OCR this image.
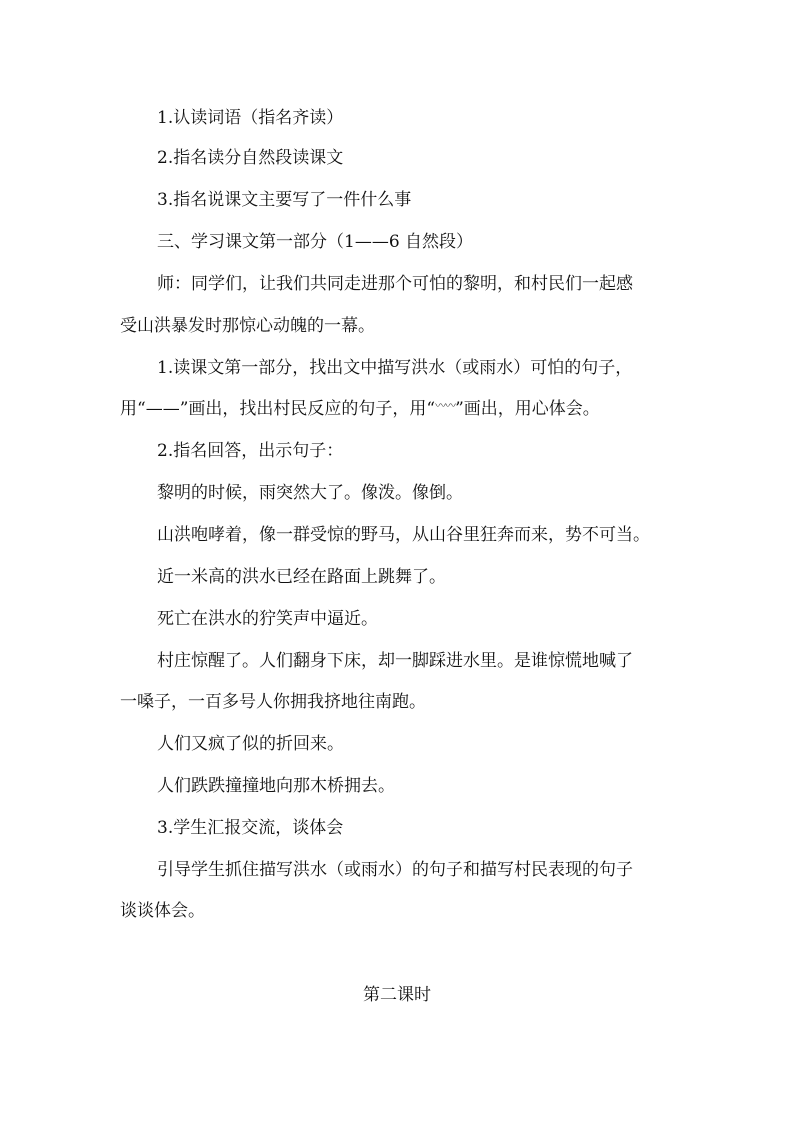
1.认读词语（指名齐读）
2.指名读分自然段读课文
3.指名说课文主要写了一件什么事
三、学习课文第一部分（1——6 自然段）
师：同学们，让我们共同走进那个可怕的黎明，和村民们一起感
受山洪暴发时那惊心动魄的一幕。
1.读课文第一部分，找出文中描写洪水（或雨水）可怕的句子，
用“——”画出，找出村民反应的句子，用“〰〰”画出，用心体会。
2.指名回答，出示句子：
黎明的时候，雨突然大了。像泼。像倒。
山洪咆哮着，像一群受惊的野马，从山谷里狂奔而来，势不可当。
近一米高的洪水已经在路面上跳舞了。
死亡在洪水的狞笑声中逼近。
村庄惊醒了。人们翻身下床，却一脚踩进水里。是谁惊慌地喊了
一嗓子，一百多号人你拥我挤地往南跑。
人们又疯了似的折回来。
人们跌跌撞撞地向那木桥拥去。
3.学生汇报交流，谈体会
引导学生抓住描写洪水（或雨水）的句子和描写村民表现的句子
谈谈体会。
第二课时
